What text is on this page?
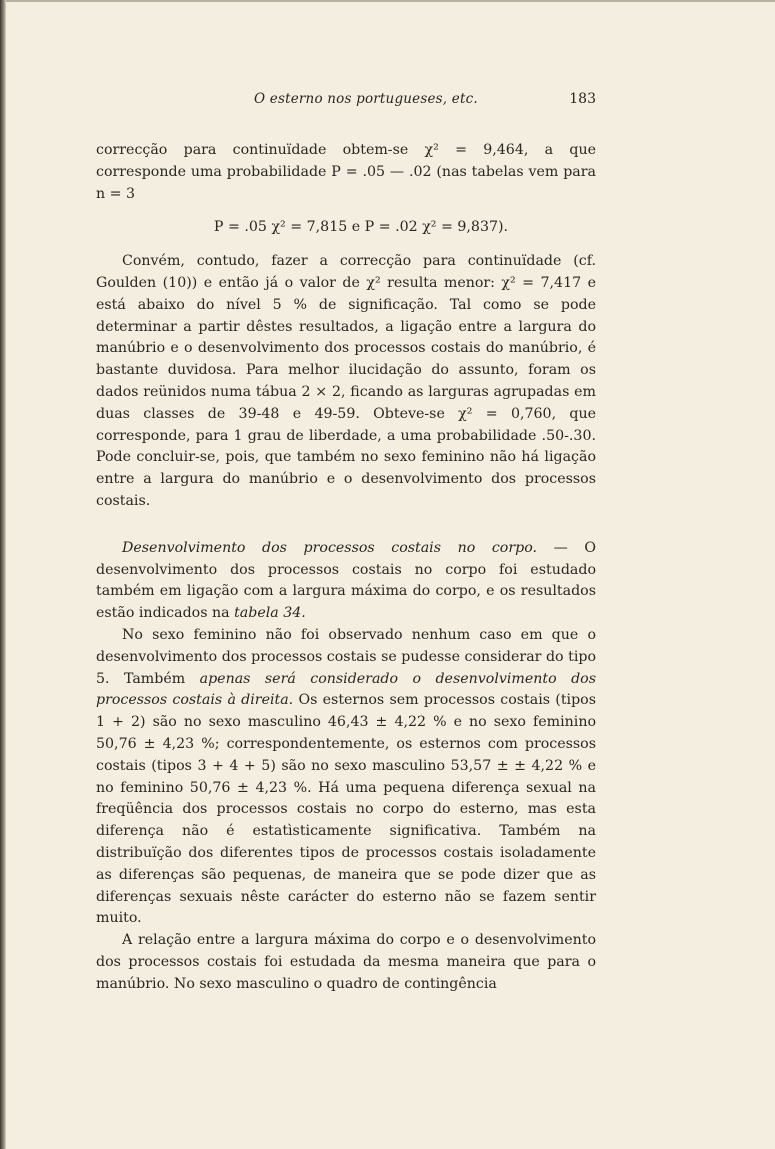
O esterno nos portugueses, etc.	183

correcção para continuïdade obtem-se χ² = 9,464, a que corresponde uma probabilidade P = .05 — .02 (nas tabelas vem para n = 3

P = .05 χ² = 7,815 e P = .02 χ² = 9,837).

Convém, contudo, fazer a correcção para continuïdade (cf. Goulden (10)) e então já o valor de χ² resulta menor: χ² = 7,417 e está abaixo do nível 5 % de significação. Tal como se pode determinar a partir dêstes resultados, a ligação entre a largura do manúbrio e o desenvolvimento dos processos costais do manúbrio, é bastante duvidosa. Para melhor ilucidação do assunto, foram os dados reünidos numa tábua 2 × 2, ficando as larguras agrupadas em duas classes de 39-48 e 49-59. Obteve-se χ² = 0,760, que corresponde, para 1 grau de liberdade, a uma probabilidade .50-.30. Pode concluir-se, pois, que também no sexo feminino não há ligação entre a largura do manúbrio e o desenvolvimento dos processos costais.

Desenvolvimento dos processos costais no corpo. — O desenvolvimento dos processos costais no corpo foi estudado também em ligação com a largura máxima do corpo, e os resultados estão indicados na tabela 34.

No sexo feminino não foi observado nenhum caso em que o desenvolvimento dos processos costais se pudesse considerar do tipo 5. Também apenas será considerado o desenvolvimento dos processos costais à direita. Os esternos sem processos costais (tipos 1 + 2) são no sexo masculino 46,43 ± 4,22 % e no sexo feminino 50,76 ± 4,23 %; correspondentemente, os esternos com processos costais (tipos 3 + 4 + 5) são no sexo masculino 53,57 ± ± 4,22 % e no feminino 50,76 ± 4,23 %. Há uma pequena diferença sexual na freqüência dos processos costais no corpo do esterno, mas esta diferença não é estatìsticamente significativa. Também na distribuïção dos diferentes tipos de processos costais isoladamente as diferenças são pequenas, de maneira que se pode dizer que as diferenças sexuais nêste carácter do esterno não se fazem sentir muito.

A relação entre a largura máxima do corpo e o desenvolvimento dos processos costais foi estudada da mesma maneira que para o manúbrio. No sexo masculino o quadro de contingência
